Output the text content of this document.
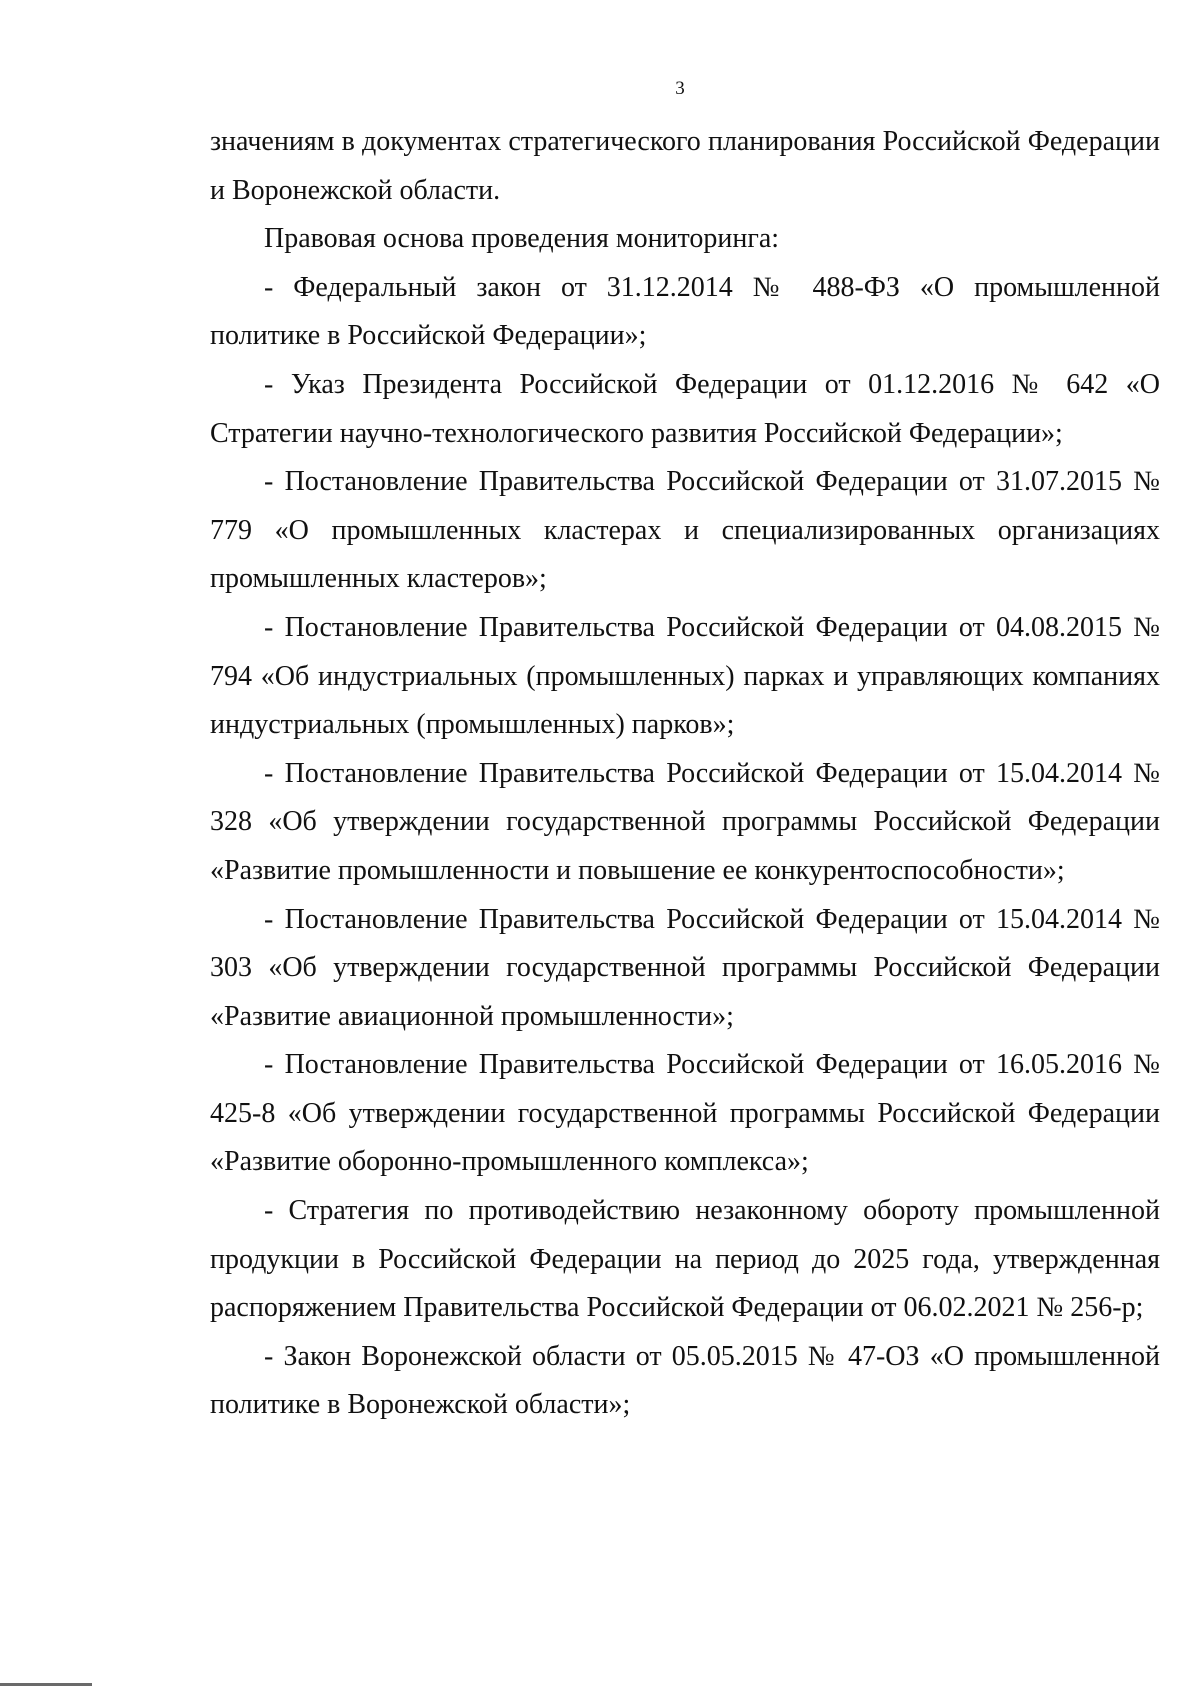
3

значениям в документах стратегического планирования Российской Федерации и Воронежской области.

Правовая основа проведения мониторинга:

- Федеральный закон от 31.12.2014 № 488-ФЗ «О промышленной политике в Российской Федерации»;

- Указ Президента Российской Федерации от 01.12.2016 № 642 «О Стратегии научно-технологического развития Российской Федерации»;

- Постановление Правительства Российской Федерации от 31.07.2015 № 779 «О промышленных кластерах и специализированных организациях промышленных кластеров»;

- Постановление Правительства Российской Федерации от 04.08.2015 № 794 «Об индустриальных (промышленных) парках и управляющих компаниях индустриальных (промышленных) парков»;

- Постановление Правительства Российской Федерации от 15.04.2014 № 328 «Об утверждении государственной программы Российской Федерации «Развитие промышленности и повышение ее конкурентоспособности»;

- Постановление Правительства Российской Федерации от 15.04.2014 № 303 «Об утверждении государственной программы Российской Федерации «Развитие авиационной промышленности»;

- Постановление Правительства Российской Федерации от 16.05.2016 № 425-8 «Об утверждении государственной программы Российской Федерации «Развитие оборонно-промышленного комплекса»;

- Стратегия по противодействию незаконному обороту промышленной продукции в Российской Федерации на период до 2025 года, утвержденная распоряжением Правительства Российской Федерации от 06.02.2021 № 256-р;

- Закон Воронежской области от 05.05.2015 № 47-ОЗ «О промышленной политике в Воронежской области»;
